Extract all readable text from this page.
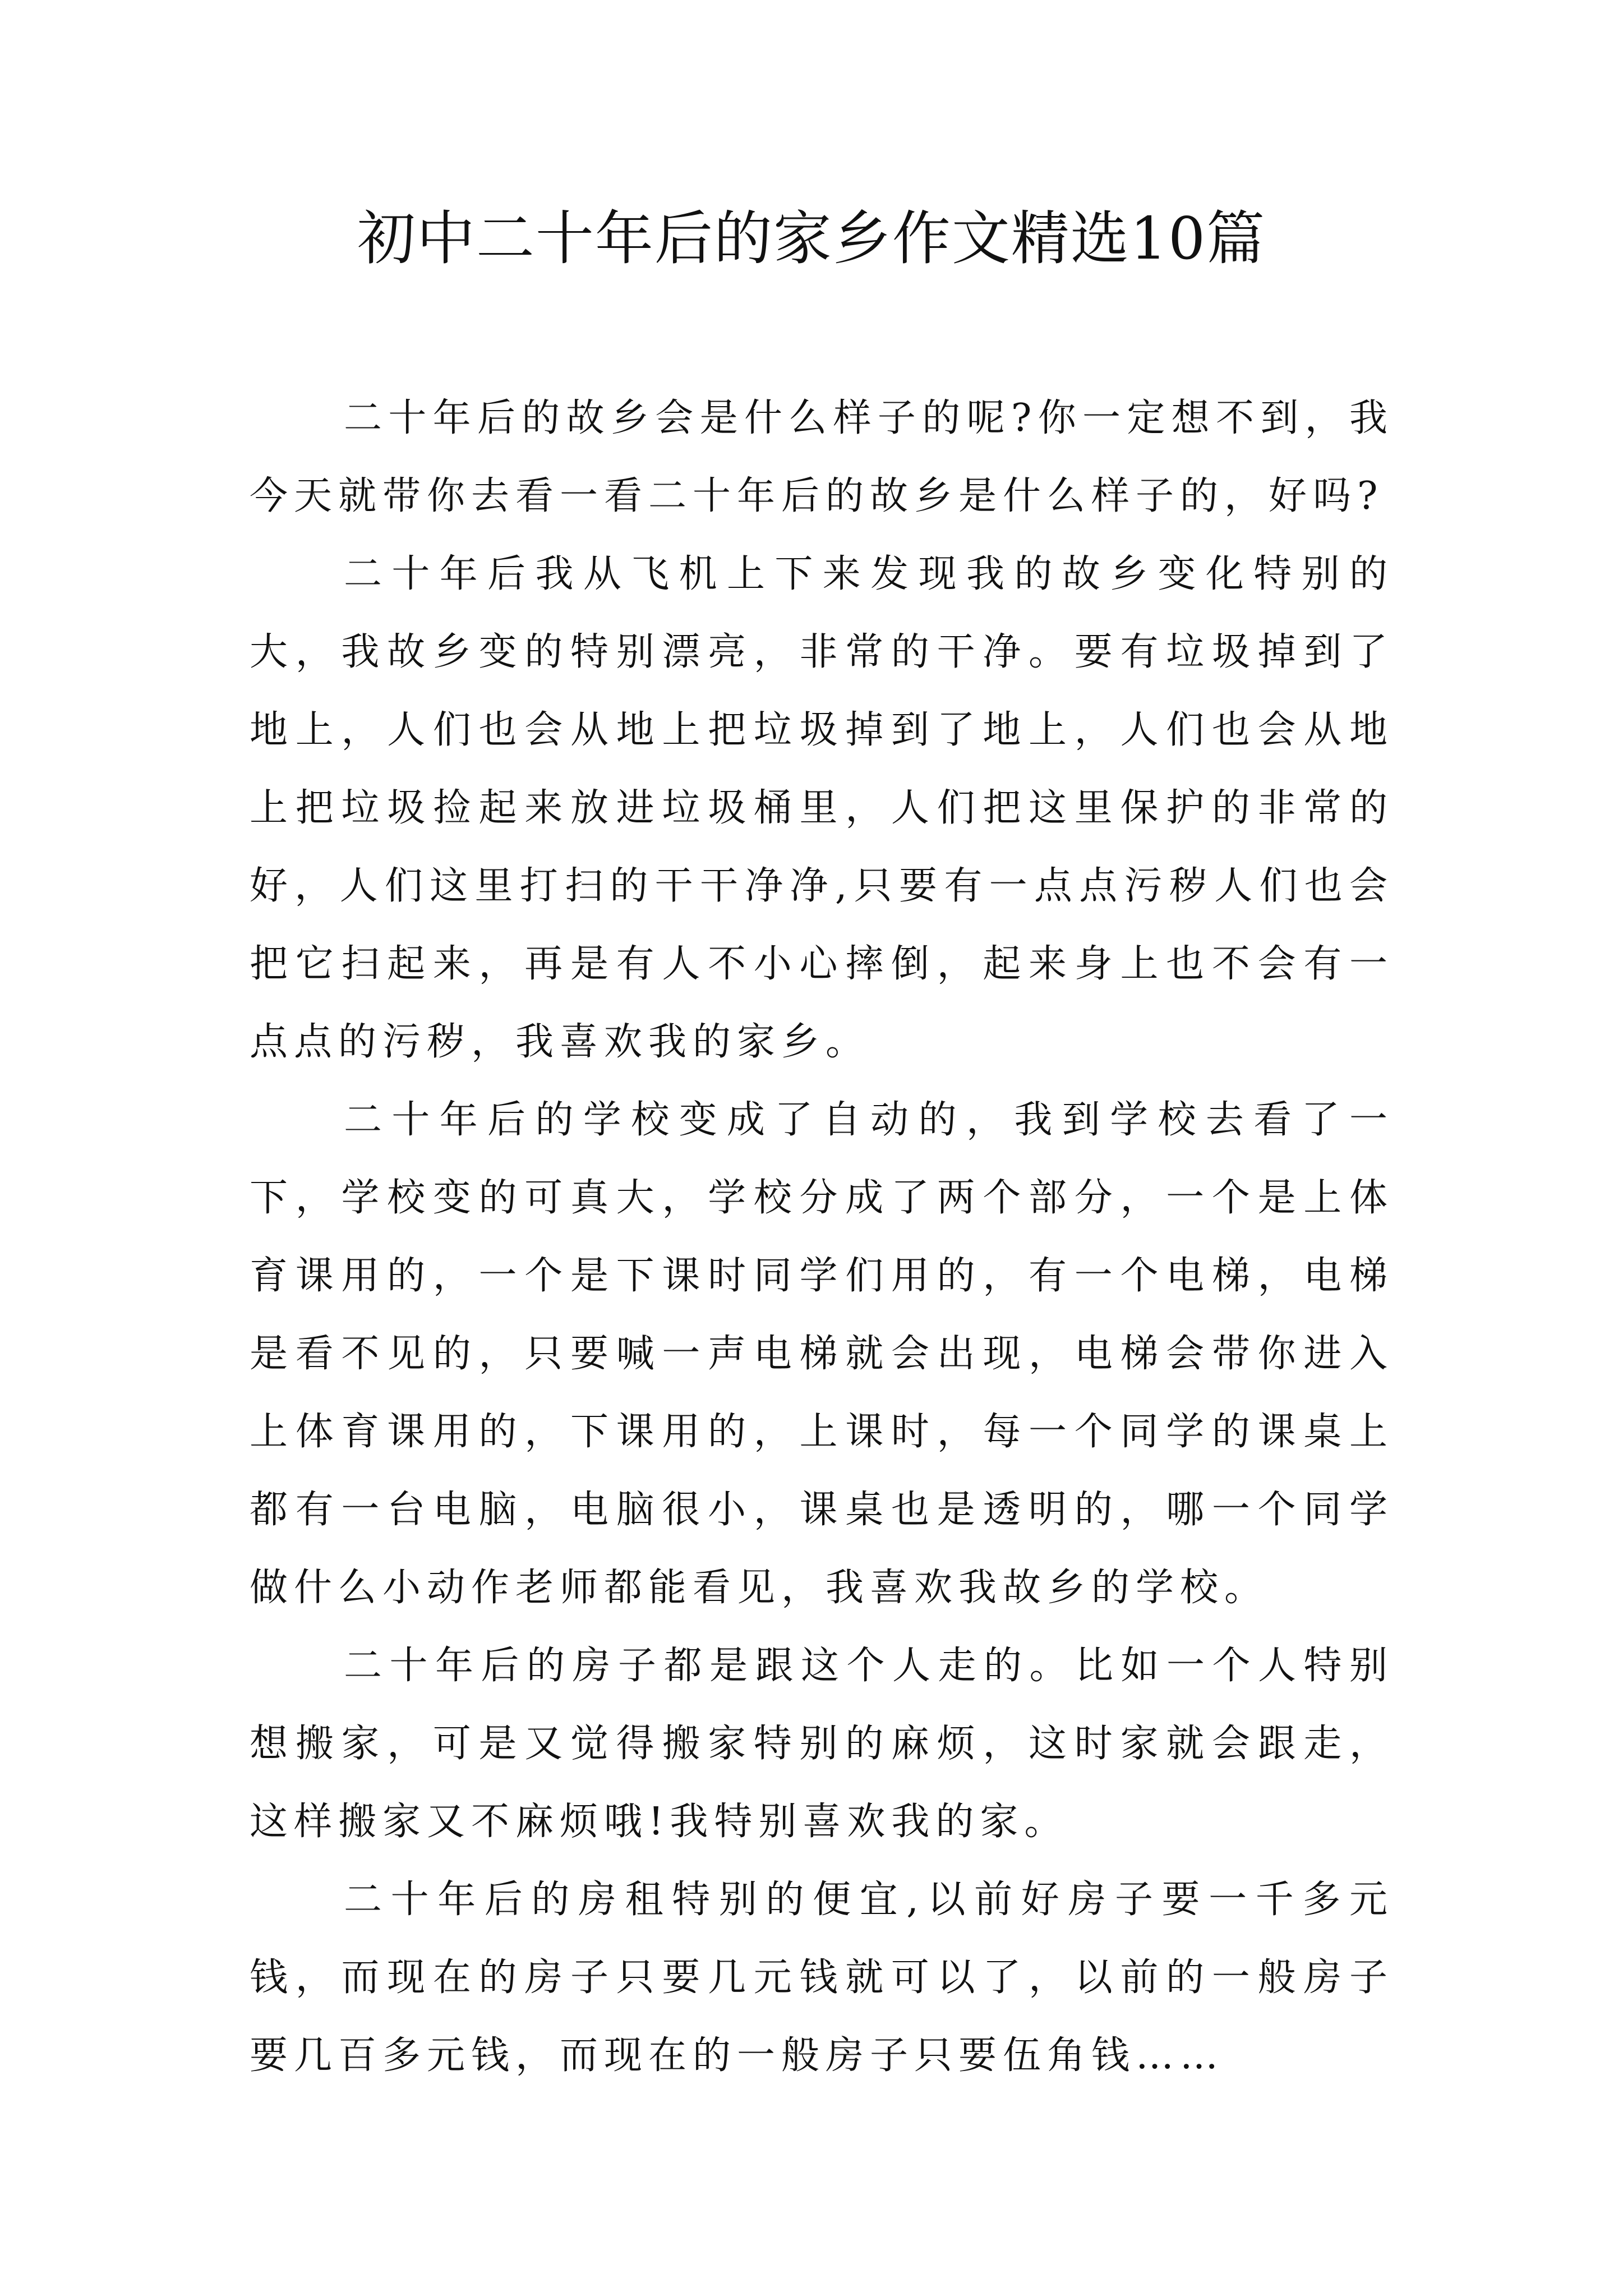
初中二十年后的家乡作文精选10篇

二十年后的故乡会是什么样子的呢?你一定想不到，我今天就带你去看一看二十年后的故乡是什么样子的，好吗?

二十年后我从飞机上下来发现我的故乡变化特别的大，我故乡变的特别漂亮，非常的干净。要有垃圾掉到了地上，人们也会从地上把垃圾掉到了地上，人们也会从地上把垃圾捡起来放进垃圾桶里，人们把这里保护的非常的好，人们这里打扫的干干净净,只要有一点点污秽人们也会把它扫起来，再是有人不小心摔倒，起来身上也不会有一点点的污秽，我喜欢我的家乡。

二十年后的学校变成了自动的，我到学校去看了一下，学校变的可真大，学校分成了两个部分，一个是上体育课用的，一个是下课时同学们用的，有一个电梯，电梯是看不见的，只要喊一声电梯就会出现，电梯会带你进入上体育课用的，下课用的，上课时，每一个同学的课桌上都有一台电脑，电脑很小，课桌也是透明的，哪一个同学做什么小动作老师都能看见，我喜欢我故乡的学校。

二十年后的房子都是跟这个人走的。比如一个人特别想搬家，可是又觉得搬家特别的麻烦，这时家就会跟走，这样搬家又不麻烦哦!我特别喜欢我的家。

二十年后的房租特别的便宜,以前好房子要一千多元钱，而现在的房子只要几元钱就可以了，以前的一般房子要几百多元钱，而现在的一般房子只要伍角钱……
